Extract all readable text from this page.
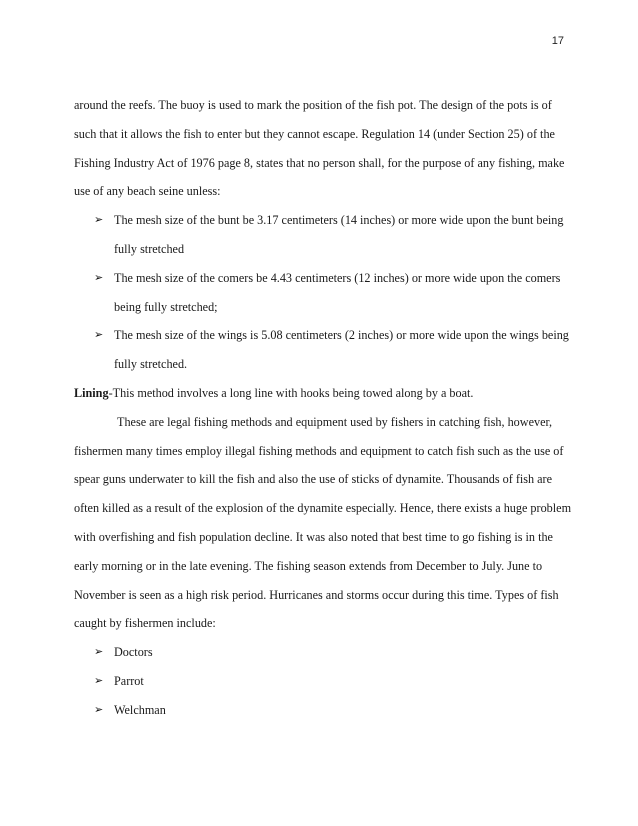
17

around the reefs. The buoy is used to mark the position of the fish pot. The design of the pots is of such that it allows the fish to enter but they cannot escape. Regulation 14 (under Section 25) of the Fishing Industry Act of 1976 page 8, states that no person shall, for the purpose of any fishing, make use of any beach seine unless:

➢ The mesh size of the bunt be 3.17 centimeters (14 inches) or more wide upon the bunt being fully stretched
➢ The mesh size of the comers be 4.43 centimeters (12 inches) or more wide upon the comers being fully stretched;
➢ The mesh size of the wings is 5.08 centimeters (2 inches) or more wide upon the wings being fully stretched.

Lining-This method involves a long line with hooks being towed along by a boat.

These are legal fishing methods and equipment used by fishers in catching fish, however, fishermen many times employ illegal fishing methods and equipment to catch fish such as the use of spear guns underwater to kill the fish and also the use of sticks of dynamite. Thousands of fish are often killed as a result of the explosion of the dynamite especially. Hence, there exists a huge problem with overfishing and fish population decline. It was also noted that best time to go fishing is in the early morning or in the late evening. The fishing season extends from December to July. June to November is seen as a high risk period. Hurricanes and storms occur during this time. Types of fish caught by fishermen include:

➢ Doctors
➢ Parrot
➢ Welchman
